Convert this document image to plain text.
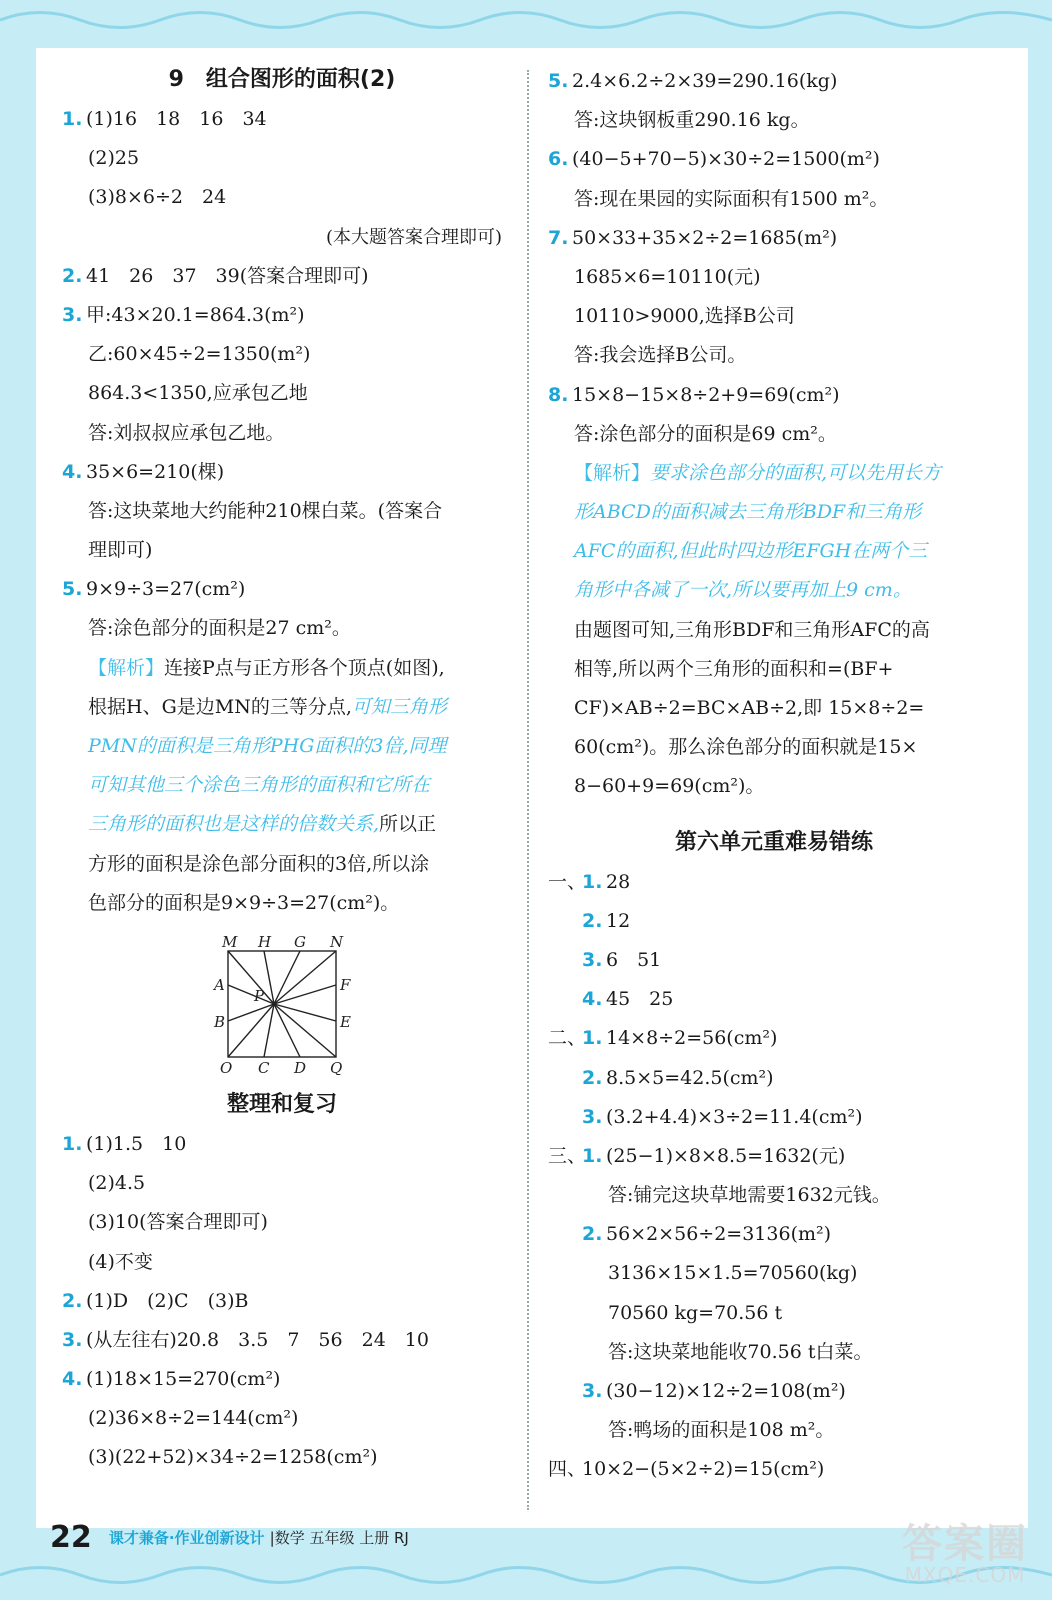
9　组合图形的面积(2)
1. (1)16　18　16　34
(2)25
(3)8×6÷2　24
(本大题答案合理即可)
2. 41　26　37　39(答案合理即可)
3. 甲:43×20.1=864.3(m²)
乙:60×45÷2=1350(m²)
864.3<1350,应承包乙地
答:刘叔叔应承包乙地。
4. 35×6=210(棵)
答:这块菜地大约能种210棵白菜。(答案合
理即可)
5. 9×9÷3=27(cm²)
答:涂色部分的面积是27 cm²。
【解析】连接P点与正方形各个顶点(如图),
根据H、G是边MN的三等分点,可知三角形
PMN的面积是三角形PHG面积的3倍,同理
可知其他三个涂色三角形的面积和它所在
三角形的面积也是这样的倍数关系,所以正
方形的面积是涂色部分面积的3倍,所以涂
色部分的面积是9×9÷3=27(cm²)。
M H G N
A	F
P
B	E
O C D Q
整理和复习
1. (1)1.5　10
(2)4.5
(3)10(答案合理即可)
(4)不变
2. (1)D　(2)C　(3)B
3. (从左往右)20.8　3.5　7　56　24　10
4. (1)18×15=270(cm²)
(2)36×8÷2=144(cm²)
(3)(22+52)×34÷2=1258(cm²)
5. 2.4×6.2÷2×39=290.16(kg)
答:这块钢板重290.16 kg。
6. (40−5+70−5)×30÷2=1500(m²)
答:现在果园的实际面积有1500 m²。
7. 50×33+35×2÷2=1685(m²)
1685×6=10110(元)
10110>9000,选择B公司
答:我会选择B公司。
8. 15×8−15×8÷2+9=69(cm²)
答:涂色部分的面积是69 cm²。
【解析】要求涂色部分的面积,可以先用长方
形ABCD的面积减去三角形BDF和三角形
AFC的面积,但此时四边形EFGH在两个三
角形中各减了一次,所以要再加上9 cm。
由题图可知,三角形BDF和三角形AFC的高
相等,所以两个三角形的面积和=(BF+
CF)×AB÷2=BC×AB÷2,即 15×8÷2=
60(cm²)。那么涂色部分的面积就是15×
8−60+9=69(cm²)。
第六单元重难易错练
一、1. 28
2. 12
3. 6　51
4. 45　25
二、1. 14×8÷2=56(cm²)
2. 8.5×5=42.5(cm²)
3. (3.2+4.4)×3÷2=11.4(cm²)
三、1. (25−1)×8×8.5=1632(元)
答:铺完这块草地需要1632元钱。
2. 56×2×56÷2=3136(m²)
3136×15×1.5=70560(kg)
70560 kg=70.56 t
答:这块菜地能收70.56 t白菜。
3. (30−12)×12÷2=108(m²)
答:鸭场的面积是108 m²。
四、10×2−(5×2÷2)=15(cm²)
22 课才兼备·作业创新设计 |数学 五年级 上册 RJ	答案圈
MXQE.COM
